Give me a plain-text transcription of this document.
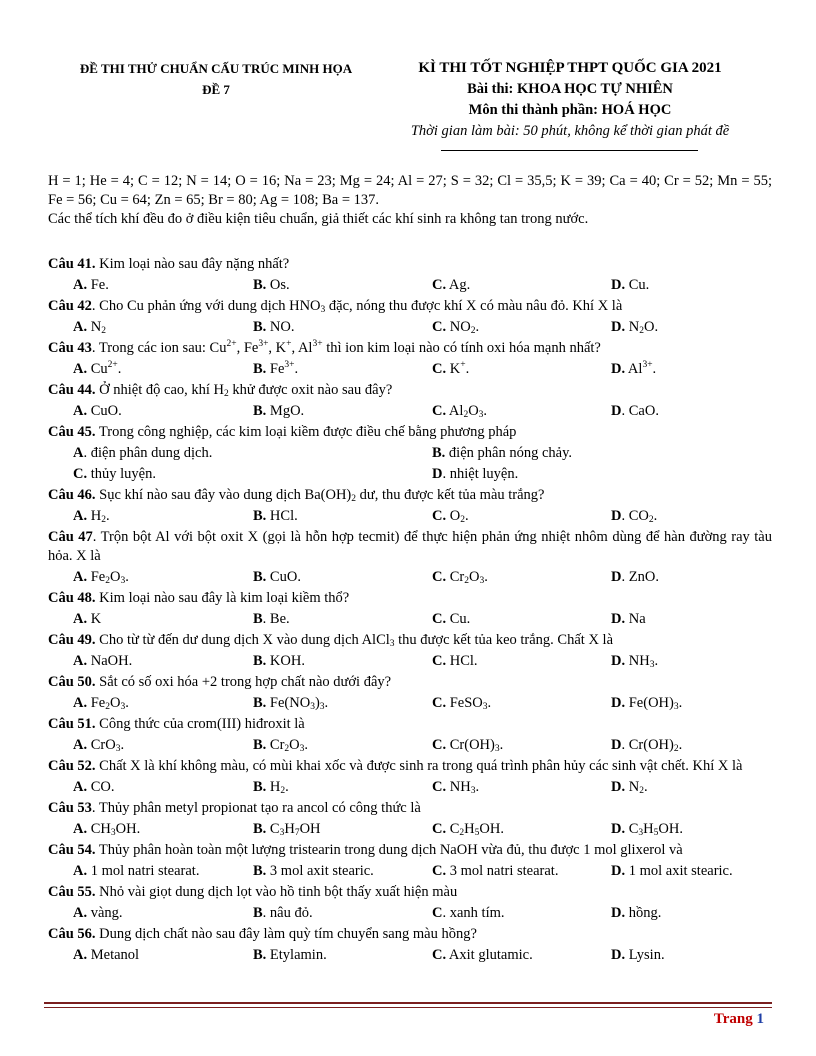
ĐỀ THI THỬ CHUẨN CẤU TRÚC MINH HỌA
ĐỀ 7
KÌ THI TỐT NGHIỆP THPT QUỐC GIA 2021
Bài thi: KHOA HỌC TỰ NHIÊN
Môn thi thành phần: HOÁ HỌC
Thời gian làm bài: 50 phút, không kể thời gian phát đề
H = 1; He = 4; C = 12; N = 14; O = 16; Na = 23; Mg = 24; Al = 27; S = 32; Cl = 35,5; K = 39; Ca = 40; Cr = 52; Mn = 55; Fe = 56; Cu = 64; Zn = 65; Br = 80; Ag = 108; Ba = 137.
Các thể tích khí đều đo ở điều kiện tiêu chuẩn, giả thiết các khí sinh ra không tan trong nước.
Câu 41. Kim loại nào sau đây nặng nhất?
A. Fe.	B. Os.	C. Ag.	D. Cu.
Câu 42. Cho Cu phản ứng với dung dịch $HNO_3$ đặc, nóng thu được khí X có màu nâu đỏ. Khí X là
A. $N_2$	B. NO.	C. $NO_2$.	D. $N_2O$.
Câu 43. Trong các ion sau: $Cu^{2+}$, $Fe^{3+}$, K+, $Al^{3+}$ thì ion kim loại nào có tính oxi hóa mạnh nhất?
A. $Cu^{2+}$.	B. $Fe^{3+}$.	C. K+.	D. $Al^{3+}$.
Câu 44. Ở nhiệt độ cao, khí $H_2$ khử được oxit nào sau đây?
A. CuO.	B. MgO.	C. $Al_2O_3$.	D. CaO.
Câu 45. Trong công nghiệp, các kim loại kiềm được điều chế bằng phương pháp
A. điện phân dung dịch.	B. điện phân nóng chảy.
C. thủy luyện.	D. nhiệt luyện.
Câu 46. Sục khí nào sau đây vào dung dịch $Ba(OH)_2$ dư, thu được kết tủa màu trắng?
A. $H_2$.	B. HCl.	C. $O_2$.	D. $CO_2$.
Câu 47. Trộn bột Al với bột oxit X (gọi là hỗn hợp tecmit) để thực hiện phản ứng nhiệt nhôm dùng để hàn đường ray tàu hỏa. X là
A. $Fe_2O_3$.	B. CuO.	C. $Cr_2O_3$.	D. ZnO.
Câu 48. Kim loại nào sau đây là kim loại kiềm thổ?
A. K	B. Be.	C. Cu.	D. Na
Câu 49. Cho từ từ đến dư dung dịch X vào dung dịch AlCl$_3$ thu được kết tủa keo trắng. Chất X là
A. NaOH.	B. KOH.	C. HCl.	D. $NH_3$.
Câu 50. Sắt có số oxi hóa +2 trong hợp chất nào dưới đây?
A. $Fe_2O_3$.	B. $Fe(NO_3)_3$.	C. FeSO$_3$.	D. $Fe(OH)_3$.
Câu 51. Công thức của crom(III) hiđroxit là
A. CrO$_3$.	B. $Cr_2O_3$.	C. $Cr(OH)_3$.	D. $Cr(OH)_2$.
Câu 52. Chất X là khí không màu, có mùi khai xốc và được sinh ra trong quá trình phân hủy các sinh vật chết. Khí X là
A. CO.	B. $H_2$.	C. $NH_3$.	D. $N_2$.
Câu 53. Thủy phân metyl propionat tạo ra ancol có công thức là
A. $CH_3OH$.	B. $C_3H_7OH$	C. $C_2H_5OH$.	D. $C_3H_5OH$.
Câu 54. Thủy phân hoàn toàn một lượng tristearin trong dung dịch NaOH vừa đủ, thu được 1 mol glixerol và
A. 1 mol natri stearat.	B. 3 mol axit stearic.	C. 3 mol natri stearat.	D. 1 mol axit stearic.
Câu 55. Nhỏ vài giọt dung dịch lọt vào hồ tinh bột thấy xuất hiện màu
A. vàng.	B. nâu đỏ.	C. xanh tím.	D. hồng.
Câu 56. Dung dịch chất nào sau đây làm quỳ tím chuyển sang màu hồng?
A. Metanol	B. Etylamin.	C. Axit glutamic.	D. Lysin.
Trang 1
